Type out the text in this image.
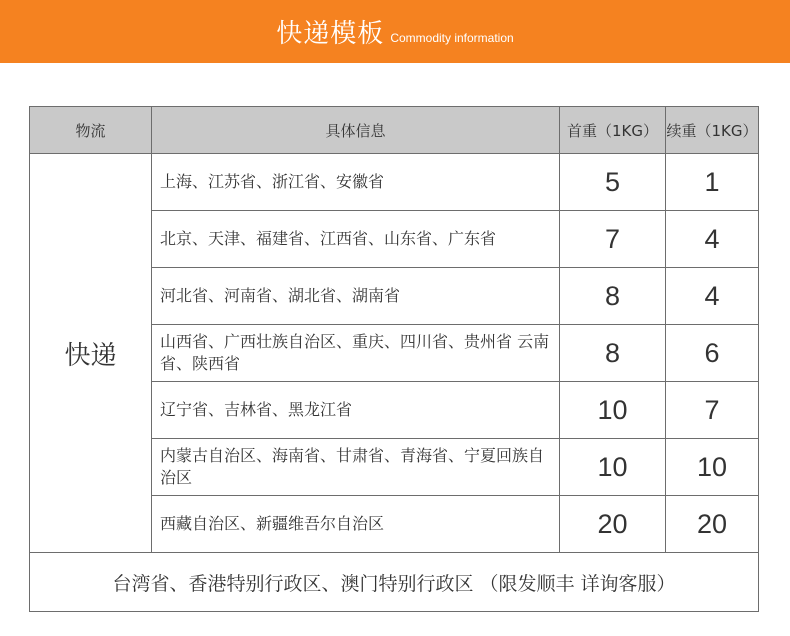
快递模板 Commodity information
物流	具体信息	首重（1KG）	续重（1KG）
快递	上海、江苏省、浙江省、安徽省	5	1
	北京、天津、福建省、江西省、山东省、广东省	7	4
	河北省、河南省、湖北省、湖南省	8	4
	山西省、广西壮族自治区、重庆、四川省、贵州省 云南省、陕西省	8	6
	辽宁省、吉林省、黑龙江省	10	7
	内蒙古自治区、海南省、甘肃省、青海省、宁夏回族自治区	10	10
	西藏自治区、新疆维吾尔自治区	20	20
台湾省、香港特别行政区、澳门特别行政区 （限发顺丰 详询客服）			
